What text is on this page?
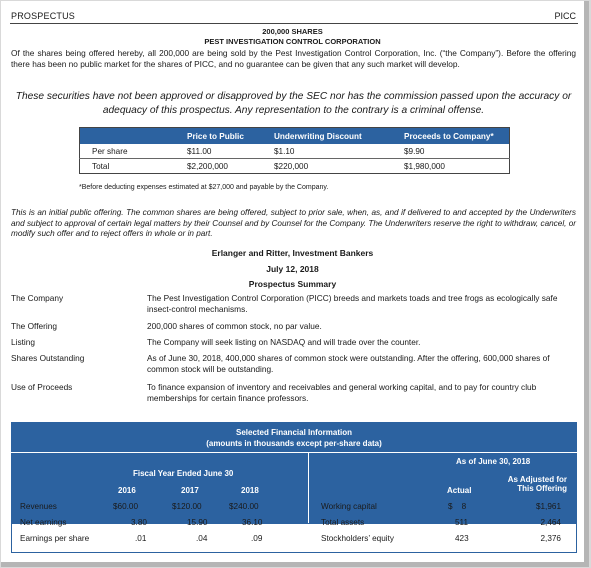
PROSPECTUS	PICC
200,000 SHARES
PEST INVESTIGATION CONTROL CORPORATION
Of the shares being offered hereby, all 200,000 are being sold by the Pest Investigation Control Corporation, Inc. (“the Company”). Before the offering there has been no public market for the shares of PICC, and no guarantee can be given that any such market will develop.
These securities have not been approved or disapproved by the SEC nor has the commission passed upon the accuracy or adequacy of this prospectus. Any representation to the contrary is a criminal offense.
	Price to Public	Underwriting Discount	Proceeds to Company*
Per share	$11.00	$1.10	$9.90
Total	$2,200,000	$220,000	$1,980,000
*Before deducting expenses estimated at $27,000 and payable by the Company.
This is an initial public offering. The common shares are being offered, subject to prior sale, when, as, and if delivered to and accepted by the Underwriters and subject to approval of certain legal matters by their Counsel and by Counsel for the Company. The Underwriters reserve the right to withdraw, cancel, or modify such offer and to reject offers in whole or in part.
Erlanger and Ritter, Investment Bankers
July 12, 2018
Prospectus Summary
The Company	The Pest Investigation Control Corporation (PICC) breeds and markets toads and tree frogs as ecologically safe insect-control mechanisms.
The Offering	200,000 shares of common stock, no par value.
Listing	The Company will seek listing on NASDAQ and will trade over the counter.
Shares Outstanding	As of June 30, 2018, 400,000 shares of common stock were outstanding. After the offering, 600,000 shares of common stock will be outstanding.
Use of Proceeds	To finance expansion of inventory and receivables and general working capital, and to pay for country club memberships for certain finance professors.
Selected Financial Information
(amounts in thousands except per-share data)
Fiscal Year Ended June 30
2016	2017	2018
As of June 30, 2018
Actual
As Adjusted for
This Offering
Revenues	$60.00	$120.00	$240.00	Working capital	$    8	$1,961
Net earnings	3.80	15.90	36.10	Total assets	511	2,464
Earnings per share	.01	.04	.09	Stockholders’ equity	423	2,376
